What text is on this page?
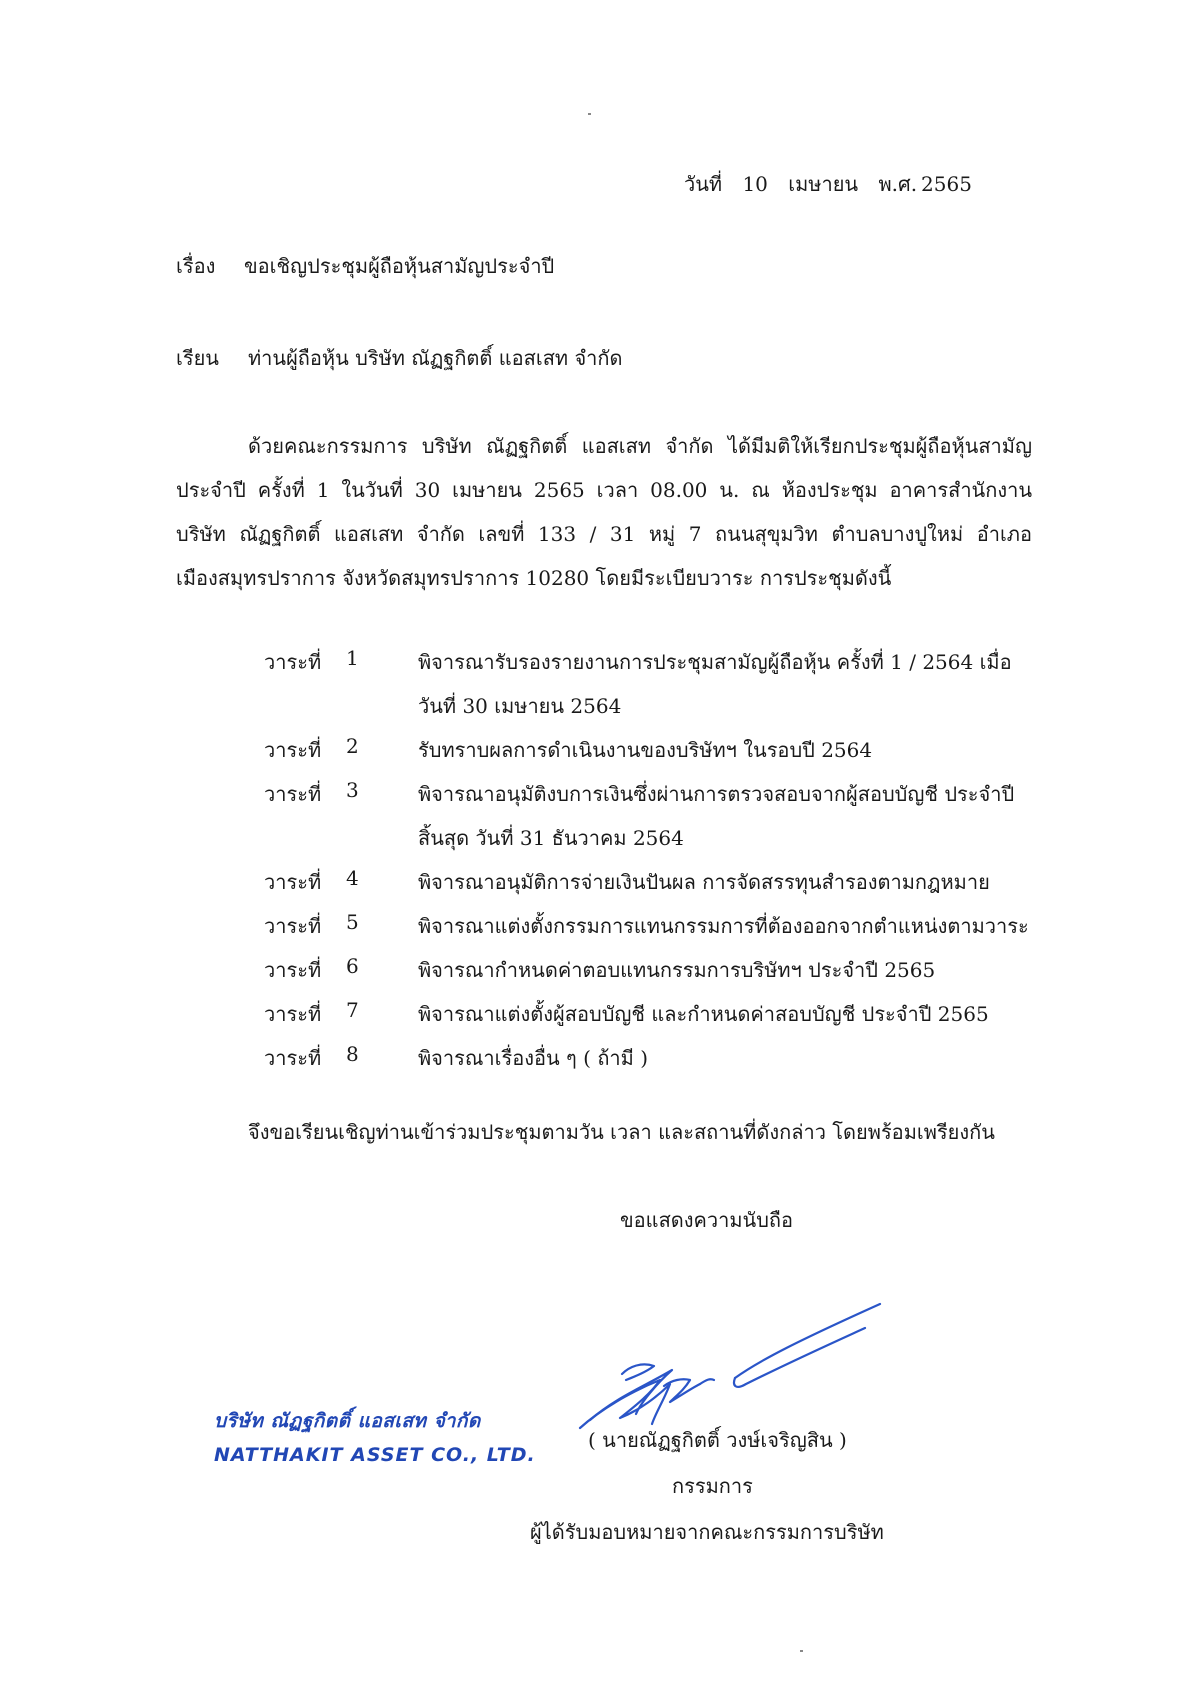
วันที่ 10 เมษายน พ.ศ. 2565
เรื่อง ขอเชิญประชุมผู้ถือหุ้นสามัญประจำปี
เรียน ท่านผู้ถือหุ้น บริษัท ณัฏฐกิตติ์ แอสเสท จำกัด
ด้วยคณะกรรมการ บริษัท ณัฏฐกิตติ์ แอสเสท จำกัด ได้มีมติให้เรียกประชุมผู้ถือหุ้นสามัญ
ประจำปี ครั้งที่ 1 ในวันที่ 30 เมษายน 2565 เวลา 08.00 น. ณ ห้องประชุม อาคารสำนักงาน
บริษัท ณัฏฐกิตติ์ แอสเสท จำกัด เลขที่ 133 / 31 หมู่ 7 ถนนสุขุมวิท ตำบลบางปูใหม่ อำเภอ
เมืองสมุทรปราการ จังหวัดสมุทรปราการ 10280 โดยมีระเบียบวาระ การประชุมดังนี้
วาระที่ 1	พิจารณารับรองรายงานการประชุมสามัญผู้ถือหุ้น ครั้งที่ 1 / 2564 เมื่อ
วันที่ 30 เมษายน 2564
วาระที่ 2	รับทราบผลการดำเนินงานของบริษัทฯ ในรอบปี 2564
วาระที่ 3	พิจารณาอนุมัติงบการเงินซึ่งผ่านการตรวจสอบจากผู้สอบบัญชี ประจำปี
สิ้นสุด วันที่ 31 ธันวาคม 2564
วาระที่ 4	พิจารณาอนุมัติการจ่ายเงินปันผล การจัดสรรทุนสำรองตามกฎหมาย
วาระที่ 5	พิจารณาแต่งตั้งกรรมการแทนกรรมการที่ต้องออกจากตำแหน่งตามวาระ
วาระที่ 6	พิจารณากำหนดค่าตอบแทนกรรมการบริษัทฯ ประจำปี 2565
วาระที่ 7	พิจารณาแต่งตั้งผู้สอบบัญชี และกำหนดค่าสอบบัญชี ประจำปี 2565
วาระที่ 8	พิจารณาเรื่องอื่น ๆ ( ถ้ามี )
จึงขอเรียนเชิญท่านเข้าร่วมประชุมตามวัน เวลา และสถานที่ดังกล่าว โดยพร้อมเพรียงกัน
ขอแสดงความนับถือ
บริษัท ณัฏฐกิตติ์ แอสเสท จำกัด
NATTHAKIT ASSET CO., LTD.
( นายณัฏฐกิตติ์ วงษ์เจริญสิน )
กรรมการ
ผู้ได้รับมอบหมายจากคณะกรรมการบริษัท
